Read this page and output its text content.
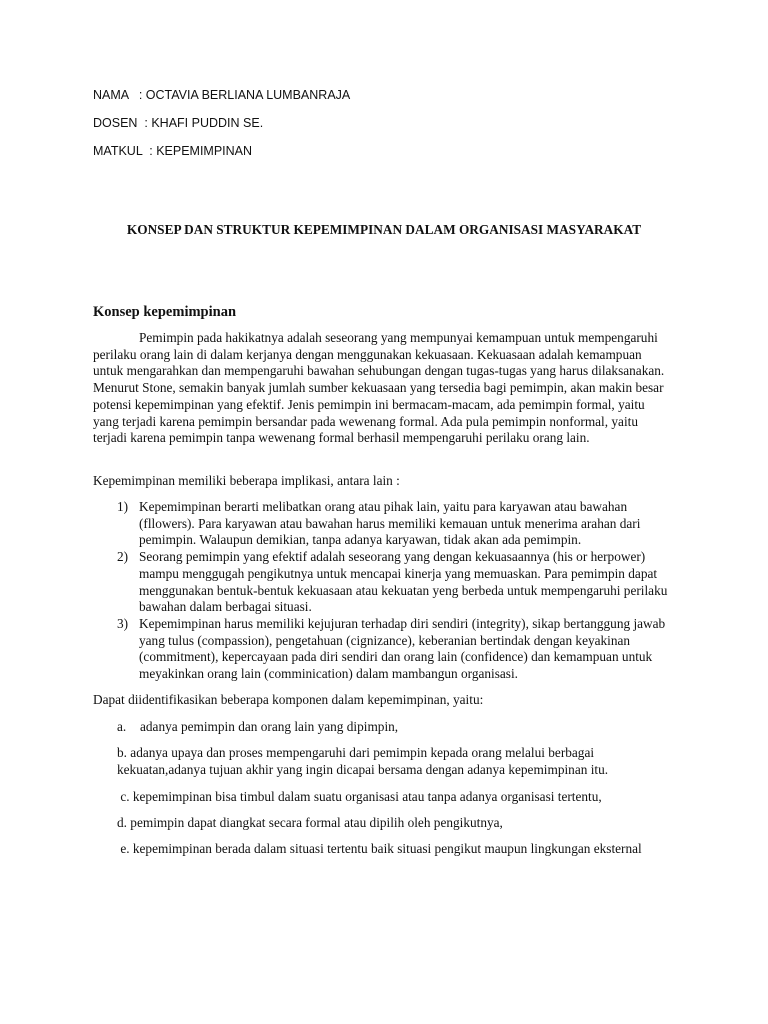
NAMA   : OCTAVIA BERLIANA LUMBANRAJA
DOSEN  : KHAFI PUDDIN SE.
MATKUL  : KEPEMIMPINAN
KONSEP DAN STRUKTUR KEPEMIMPINAN DALAM ORGANISASI MASYARAKAT
Konsep kepemimpinan

Pemimpin pada hakikatnya adalah seseorang yang mempunyai kemampuan untuk mempengaruhi perilaku orang lain di dalam kerjanya dengan menggunakan kekuasaan. Kekuasaan adalah kemampuan untuk mengarahkan dan mempengaruhi bawahan sehubungan dengan tugas-tugas yang harus dilaksanakan. Menurut Stone, semakin banyak jumlah sumber kekuasaan yang tersedia bagi pemimpin, akan makin besar potensi kepemimpinan yang efektif. Jenis pemimpin ini bermacam-macam, ada pemimpin formal, yaitu yang terjadi karena pemimpin bersandar pada wewenang formal. Ada pula pemimpin nonformal, yaitu terjadi karena pemimpin tanpa wewenang formal berhasil mempengaruhi perilaku orang lain.

Kepemimpinan memiliki beberapa implikasi, antara lain :

1) Kepemimpinan berarti melibatkan orang atau pihak lain, yaitu para karyawan atau bawahan (fllowers). Para karyawan atau bawahan harus memiliki kemauan untuk menerima arahan dari pemimpin. Walaupun demikian, tanpa adanya karyawan, tidak akan ada pemimpin.
2) Seorang pemimpin yang efektif adalah seseorang yang dengan kekuasaannya (his or herpower) mampu menggugah pengikutnya untuk mencapai kinerja yang memuaskan. Para pemimpin dapat menggunakan bentuk-bentuk kekuasaan atau kekuatan yeng berbeda untuk mempengaruhi perilaku bawahan dalam berbagai situasi.
3) Kepemimpinan harus memiliki kejujuran terhadap diri sendiri (integrity), sikap bertanggung jawab yang tulus (compassion), pengetahuan (cignizance), keberanian bertindak dengan keyakinan (commitment), kepercayaan pada diri sendiri dan orang lain (confidence) dan kemampuan untuk meyakinkan orang lain (comminication) dalam mambangun organisasi.

Dapat diidentifikasikan beberapa komponen dalam kepemimpinan, yaitu:

a. adanya pemimpin dan orang lain yang dipimpin,

b. adanya upaya dan proses mempengaruhi dari pemimpin kepada orang melalui berbagai kekuatan,adanya tujuan akhir yang ingin dicapai bersama dengan adanya kepemimpinan itu.

c. kepemimpinan bisa timbul dalam suatu organisasi atau tanpa adanya organisasi tertentu,

d. pemimpin dapat diangkat secara formal atau dipilih oleh pengikutnya,

e. kepemimpinan berada dalam situasi tertentu baik situasi pengikut maupun lingkungan eksternal
